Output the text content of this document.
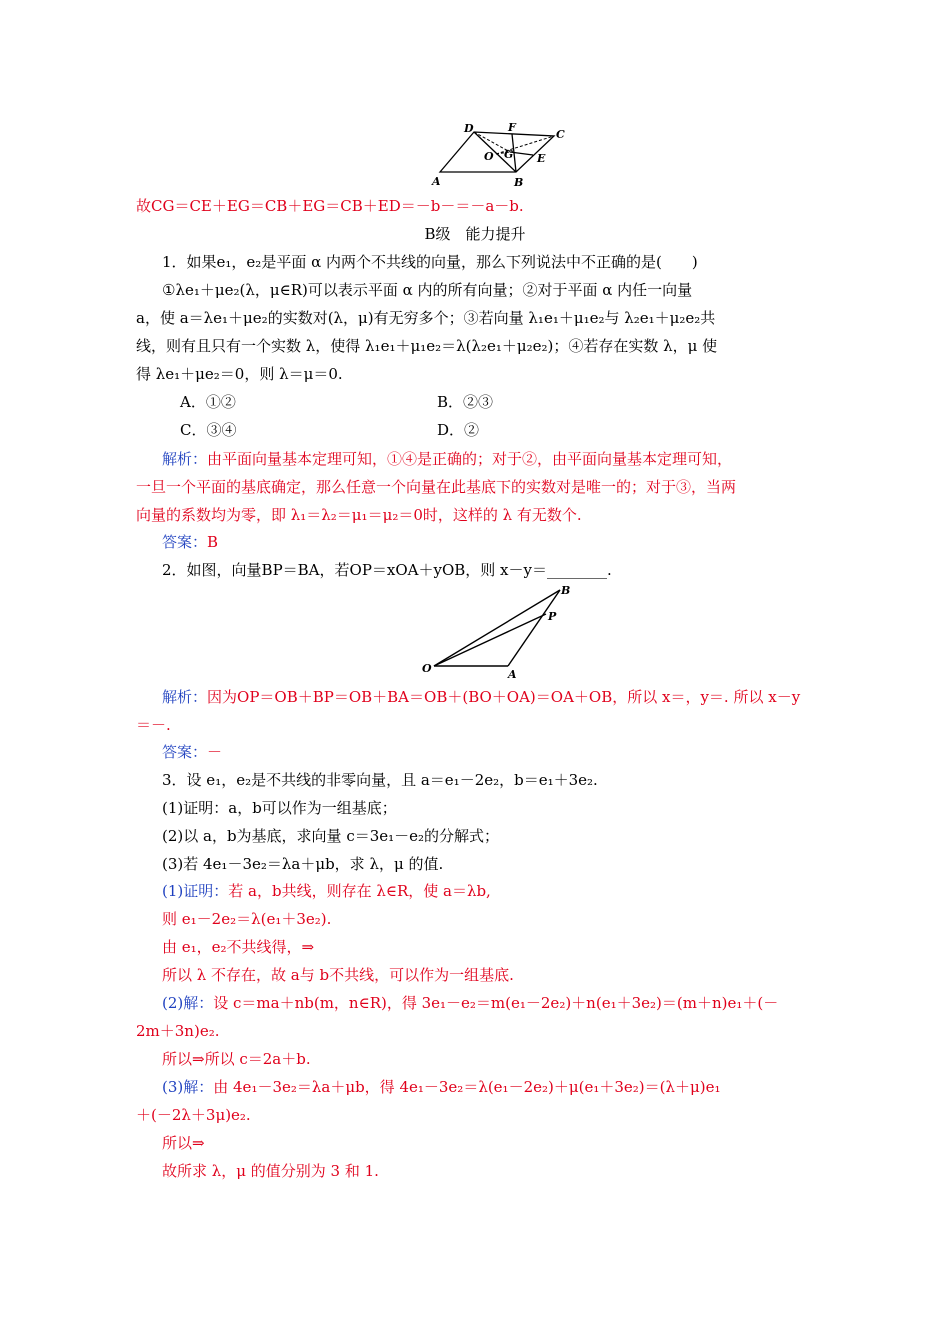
D	F
C
O G E
A	B
故CG＝CE＋EG＝CB＋EG＝CB＋ED＝－b－＝－a－b.
B级　能力提升
1．如果e₁，e₂是平面 α 内两个不共线的向量，那么下列说法中不正确的是(　　)
①λe₁＋μe₂(λ，μ∈R)可以表示平面 α 内的所有向量；②对于平面 α 内任一向量
a，使 a＝λe₁＋μe₂的实数对(λ，μ)有无穷多个；③若向量 λ₁e₁＋μ₁e₂与 λ₂e₁＋μ₂e₂共
线，则有且只有一个实数 λ，使得 λ₁e₁＋μ₁e₂＝λ(λ₂e₁＋μ₂e₂)；④若存在实数 λ，μ 使
得 λe₁＋μe₂＝0，则 λ＝μ＝0.
A．①②	B．②③
C．③④	D．②
解析：由平面向量基本定理可知，①④是正确的；对于②，由平面向量基本定理可知，
一旦一个平面的基底确定，那么任意一个向量在此基底下的实数对是唯一的；对于③，当两
向量的系数均为零，即 λ₁＝λ₂＝μ₁＝μ₂＝0时，这样的 λ 有无数个.
答案：B
2．如图，向量BP＝BA，若OP＝xOA＋yOB，则 x－y＝________.
B
P
O	A
解析：因为OP＝OB＋BP＝OB＋BA＝OB＋(BO＋OA)＝OA＋OB，所以 x＝，y＝. 所以 x－y
＝－.
答案：－
3．设 e₁，e₂是不共线的非零向量，且 a＝e₁－2e₂，b＝e₁＋3e₂.
(1)证明：a，b可以作为一组基底；
(2)以 a，b为基底，求向量 c＝3e₁－e₂的分解式；
(3)若 4e₁－3e₂＝λa＋μb，求 λ，μ 的值.
(1)证明：若 a，b共线，则存在 λ∈R，使 a＝λb,
则 e₁－2e₂＝λ(e₁＋3e₂).
由 e₁，e₂不共线得，⇒
所以 λ 不存在，故 a与 b不共线，可以作为一组基底.
(2)解：设 c＝ma＋nb(m，n∈R)，得 3e₁－e₂＝m(e₁－2e₂)＋n(e₁＋3e₂)＝(m＋n)e₁＋(－
2m＋3n)e₂.
所以⇒所以 c＝2a＋b.
(3)解：由 4e₁－3e₂＝λa＋μb，得 4e₁－3e₂＝λ(e₁－2e₂)＋μ(e₁＋3e₂)＝(λ＋μ)e₁
＋(－2λ＋3μ)e₂.
所以⇒
故所求 λ，μ 的值分别为 3 和 1.
